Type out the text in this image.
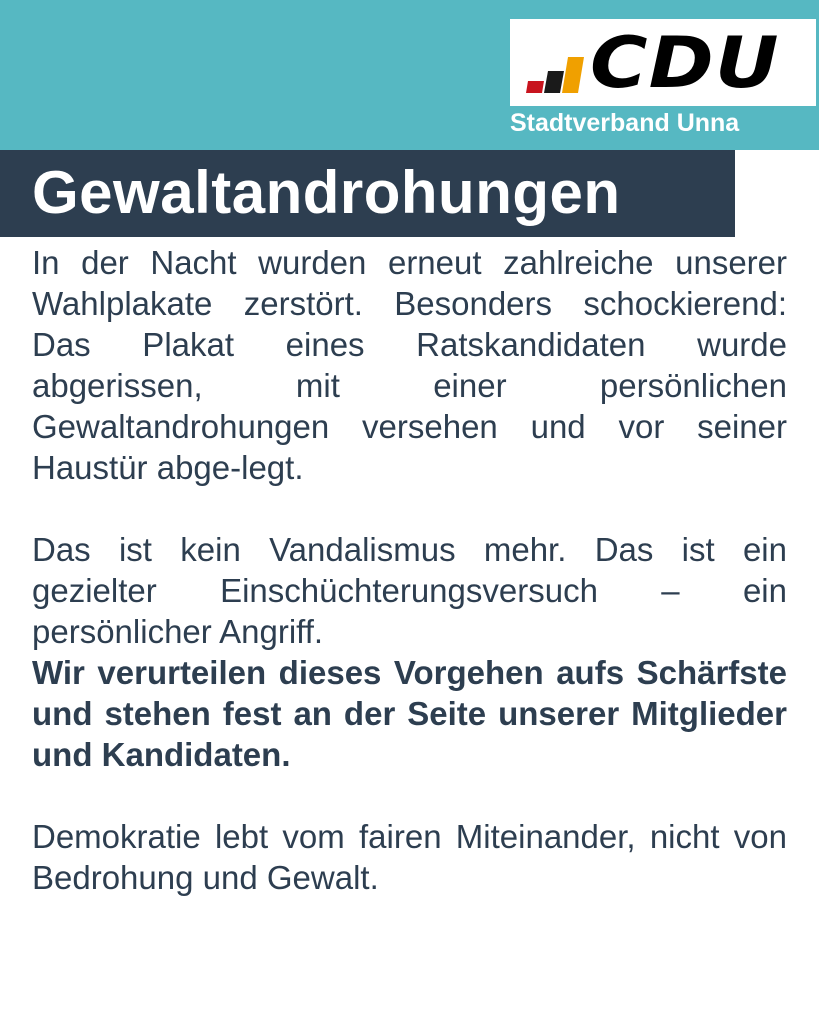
CDU
Stadtverband Unna
Gewaltandrohungen

In der Nacht wurden erneut zahlreiche unserer Wahlplakate zerstört. Besonders schockierend: Das Plakat eines Ratskandidaten wurde abgerissen, mit einer persönlichen Gewaltandrohungen versehen und vor seiner Haustür abge-legt.

Das ist kein Vandalismus mehr. Das ist ein gezielter Einschüchterungsversuch – ein persönlicher Angriff.

Wir verurteilen dieses Vorgehen aufs Schärfste und stehen fest an der Seite unserer Mitglieder und Kandidaten.

Demokratie lebt vom fairen Miteinander, nicht von Bedrohung und Gewalt.
